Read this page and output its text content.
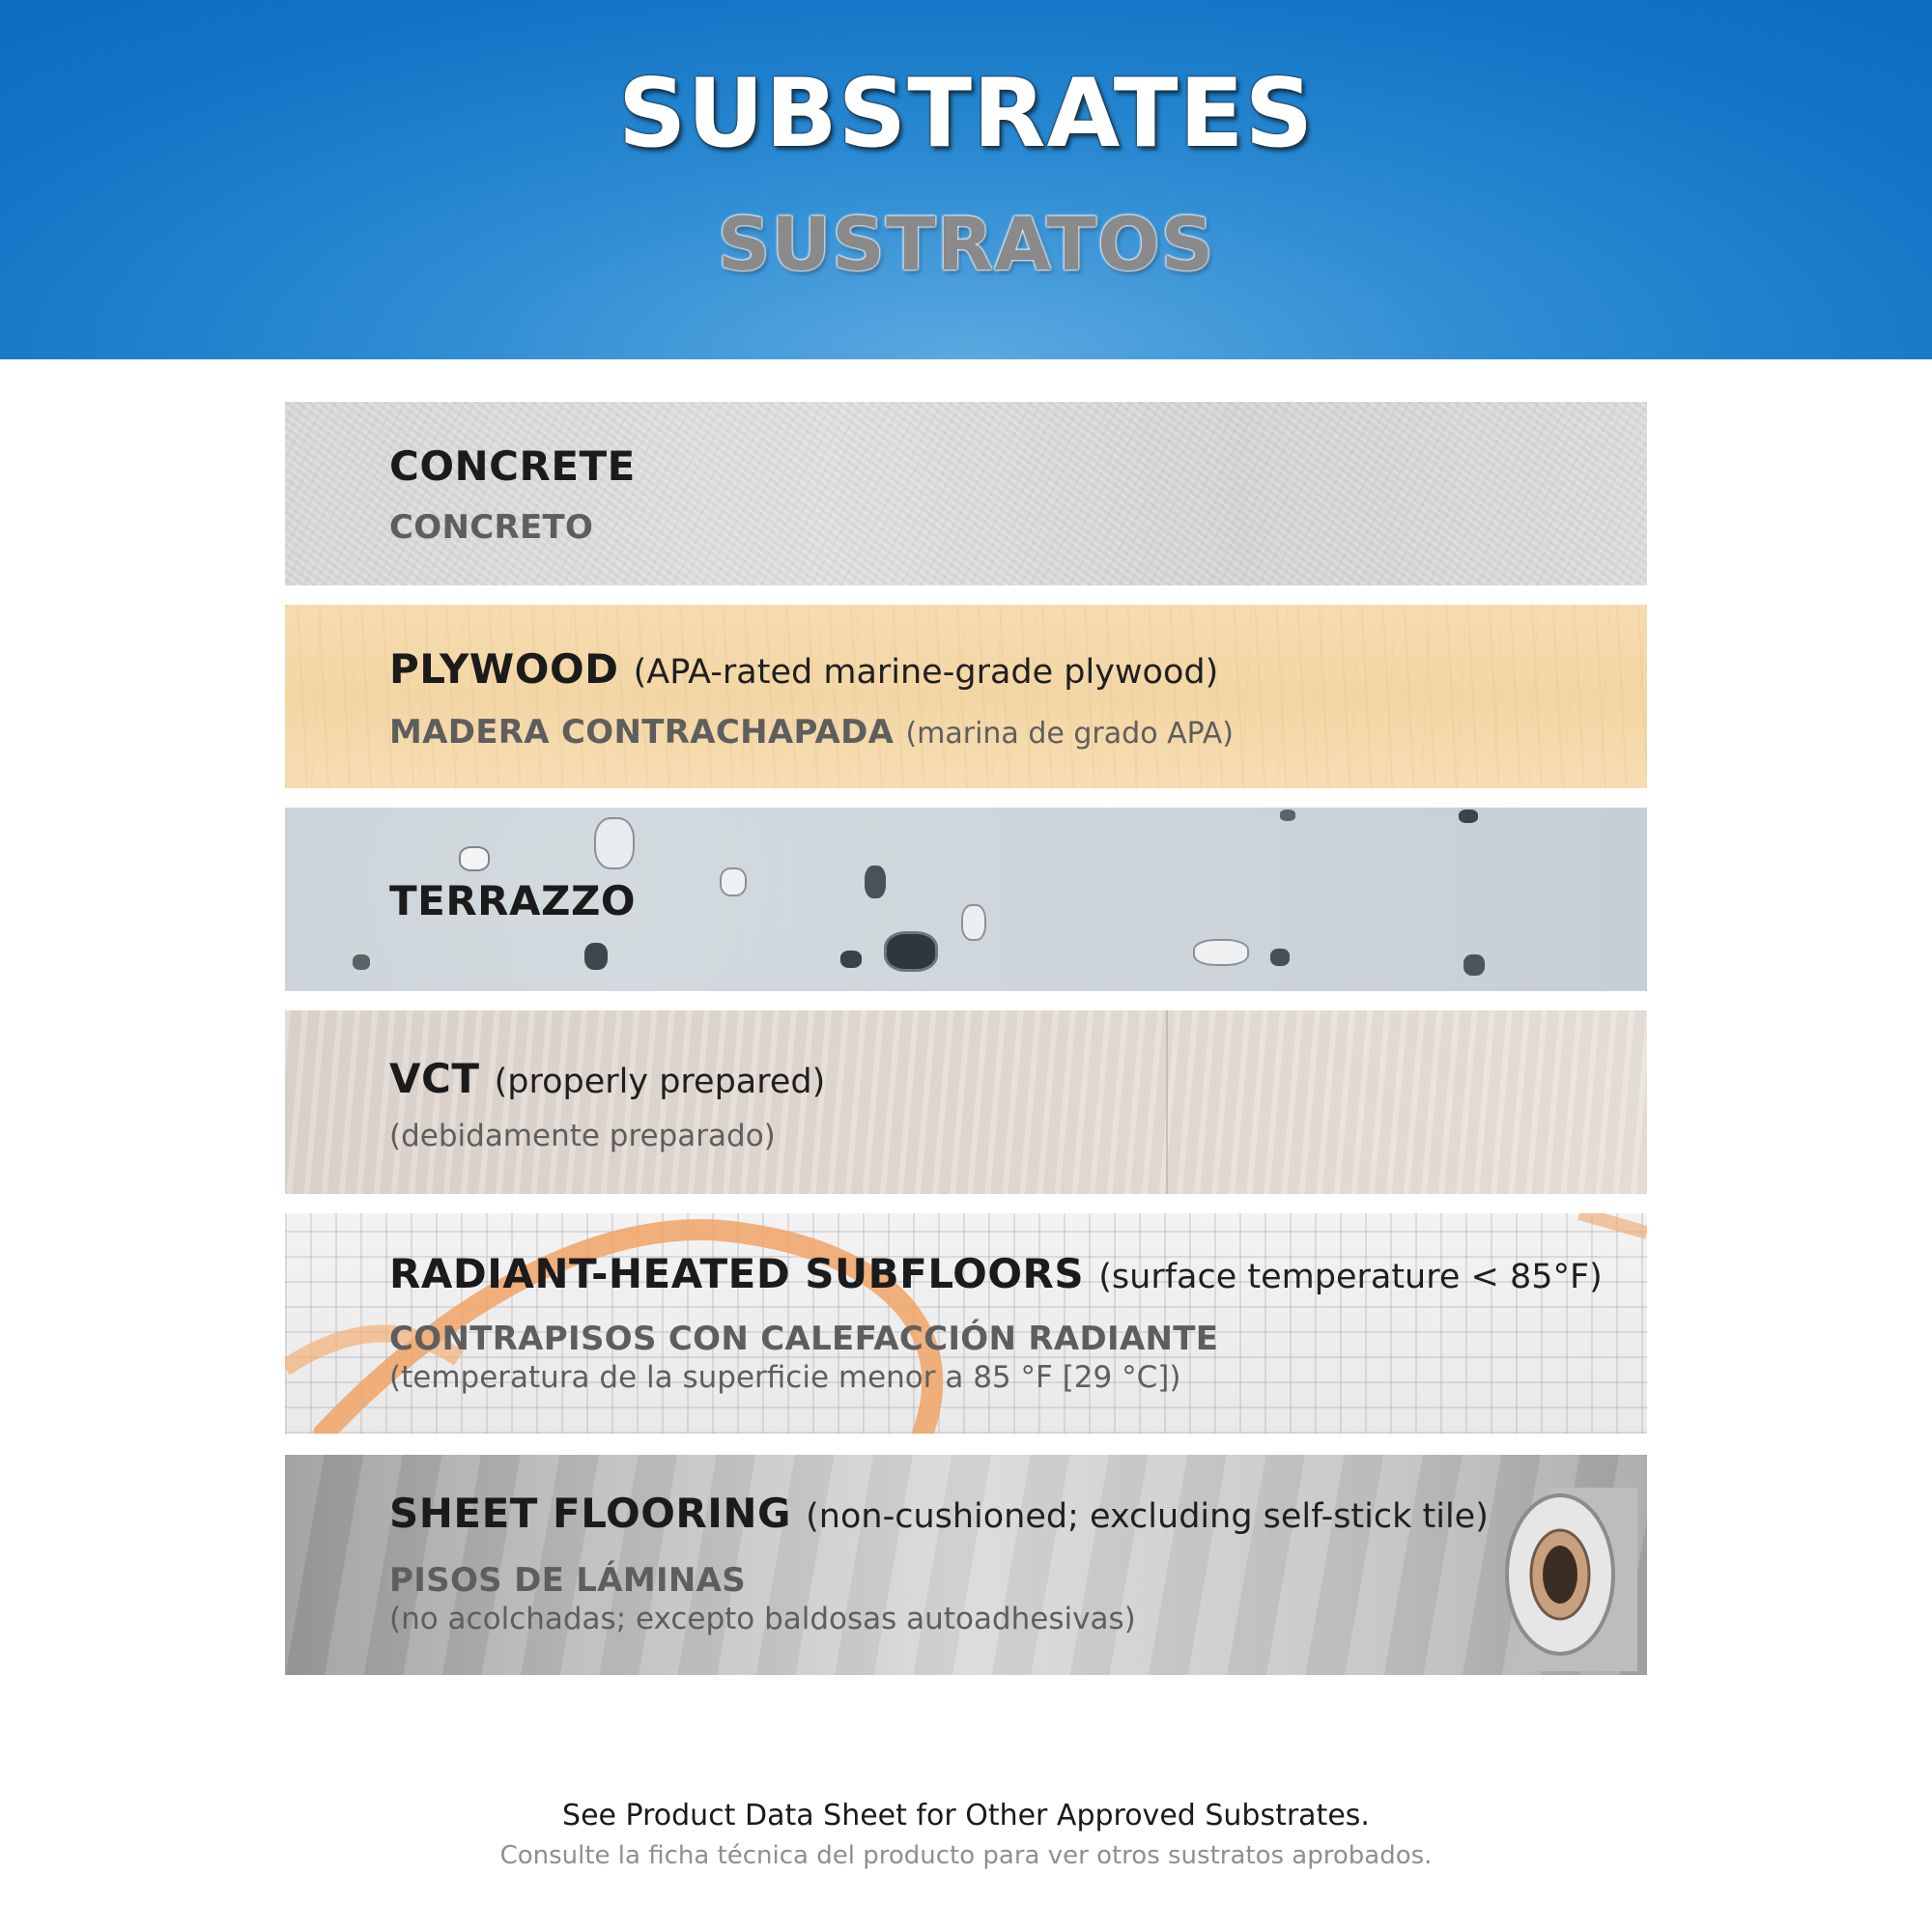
SUBSTRATES
SUSTRATOS
CONCRETE
CONCRETO
PLYWOOD (APA-rated marine-grade plywood)
MADERA CONTRACHAPADA (marina de grado APA)
TERRAZZO
VCT (properly prepared)
(debidamente preparado)
RADIANT-HEATED SUBFLOORS (surface temperature < 85°F)
CONTRAPISOS CON CALEFACCIÓN RADIANTE
(temperatura de la superficie menor a 85 °F [29 °C])
SHEET FLOORING (non-cushioned; excluding self-stick tile)
PISOS DE LÁMINAS
(no acolchadas; excepto baldosas autoadhesivas)
See Product Data Sheet for Other Approved Substrates.
Consulte la ficha técnica del producto para ver otros sustratos aprobados.
